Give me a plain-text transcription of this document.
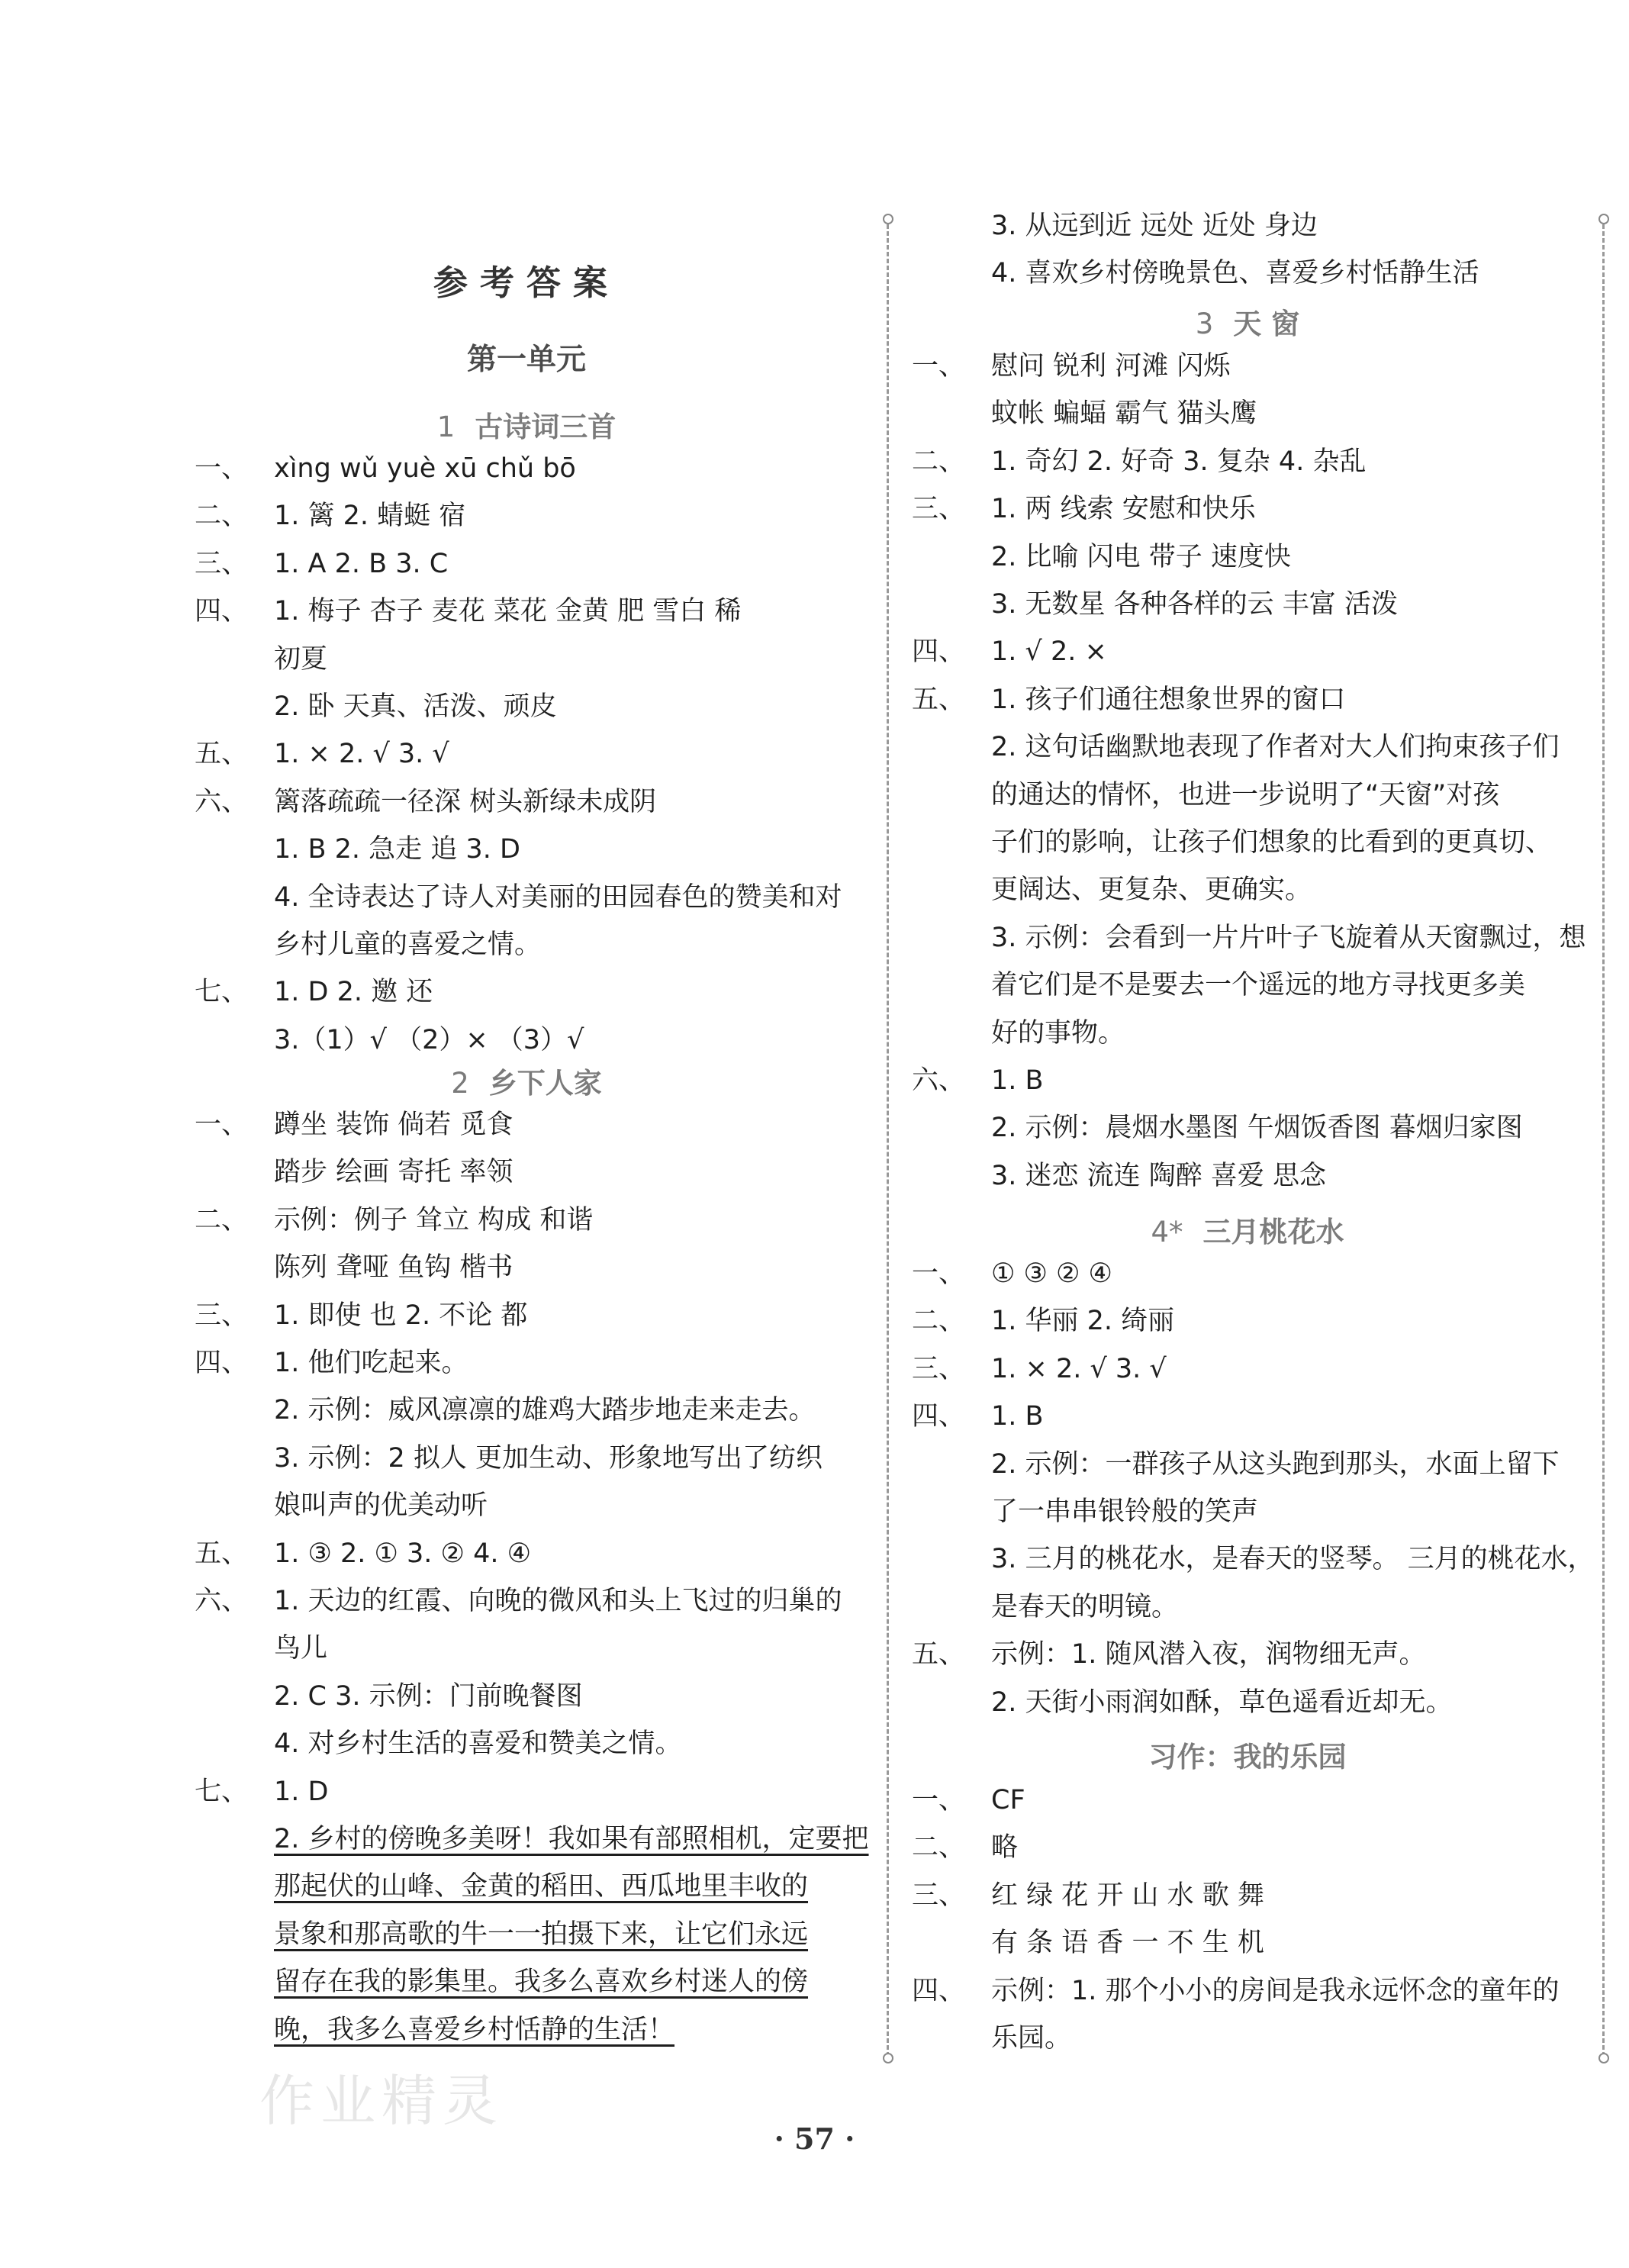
参考答案
第一单元
1 古诗词三首
一、 xìng wǔ yuè xū chǔ bō
二、 1. 篱 2. 蜻蜓 宿
三、 1. A 2. B 3. C
四、 1. 梅子 杏子 麦花 菜花 金黄 肥 雪白 稀
初夏
2. 卧 天真、活泼、顽皮
五、 1. × 2. √ 3. √
六、 篱落疏疏一径深 树头新绿未成阴
1. B 2. 急走 追 3. D
4. 全诗表达了诗人对美丽的田园春色的赞美和对
乡村儿童的喜爱之情。
七、 1. D 2. 邀 还
3.（1）√ （2）× （3）√
2 乡下人家
一、 蹲坐 装饰 倘若 觅食
踏步 绘画 寄托 率领
二、 示例：例子 耸立 构成 和谐
陈列 聋哑 鱼钩 楷书
三、 1. 即使 也 2. 不论 都
四、 1. 他们吃起来。
2. 示例：威风凛凛的雄鸡大踏步地走来走去。
3. 示例：2 拟人 更加生动、形象地写出了纺织
娘叫声的优美动听
五、 1. ③ 2. ① 3. ② 4. ④
六、 1. 天边的红霞、向晚的微风和头上飞过的归巢的
鸟儿
2. C 3. 示例：门前晚餐图
4. 对乡村生活的喜爱和赞美之情。
七、 1. D
2. 乡村的傍晚多美呀！我如果有部照相机，定要把
那起伏的山峰、金黄的稻田、西瓜地里丰收的
景象和那高歌的牛一一拍摄下来，让它们永远
留存在我的影集里。我多么喜欢乡村迷人的傍
晚，我多么喜爱乡村恬静的生活！
3. 从远到近 远处 近处 身边
4. 喜欢乡村傍晚景色、喜爱乡村恬静生活
3 天 窗
一、 慰问 锐利 河滩 闪烁
蚊帐 蝙蝠 霸气 猫头鹰
二、 1. 奇幻 2. 好奇 3. 复杂 4. 杂乱
三、 1. 两 线索 安慰和快乐
2. 比喻 闪电 带子 速度快
3. 无数星 各种各样的云 丰富 活泼
四、 1. √ 2. ×
五、 1. 孩子们通往想象世界的窗口
2. 这句话幽默地表现了作者对大人们拘束孩子们
的通达的情怀，也进一步说明了“天窗”对孩
子们的影响，让孩子们想象的比看到的更真切、
更阔达、更复杂、更确实。
3. 示例：会看到一片片叶子飞旋着从天窗飘过，想
着它们是不是要去一个遥远的地方寻找更多美
好的事物。
六、 1. B
2. 示例：晨烟水墨图 午烟饭香图 暮烟归家图
3. 迷恋 流连 陶醉 喜爱 思念
4* 三月桃花水
一、 ① ③ ② ④
二、 1. 华丽 2. 绮丽
三、 1. × 2. √ 3. √
四、 1. B
2. 示例：一群孩子从这头跑到那头，水面上留下
了一串串银铃般的笑声
3. 三月的桃花水，是春天的竖琴。 三月的桃花水，
是春天的明镜。
五、 示例：1. 随风潜入夜，润物细无声。
2. 天街小雨润如酥，草色遥看近却无。
习作：我的乐园
一、 CF
二、 略
三、 红 绿 花 开 山 水 歌 舞
有 条 语 香 一 不 生 机
四、 示例：1. 那个小小的房间是我永远怀念的童年的
乐园。
作业精灵
· 57 ·
